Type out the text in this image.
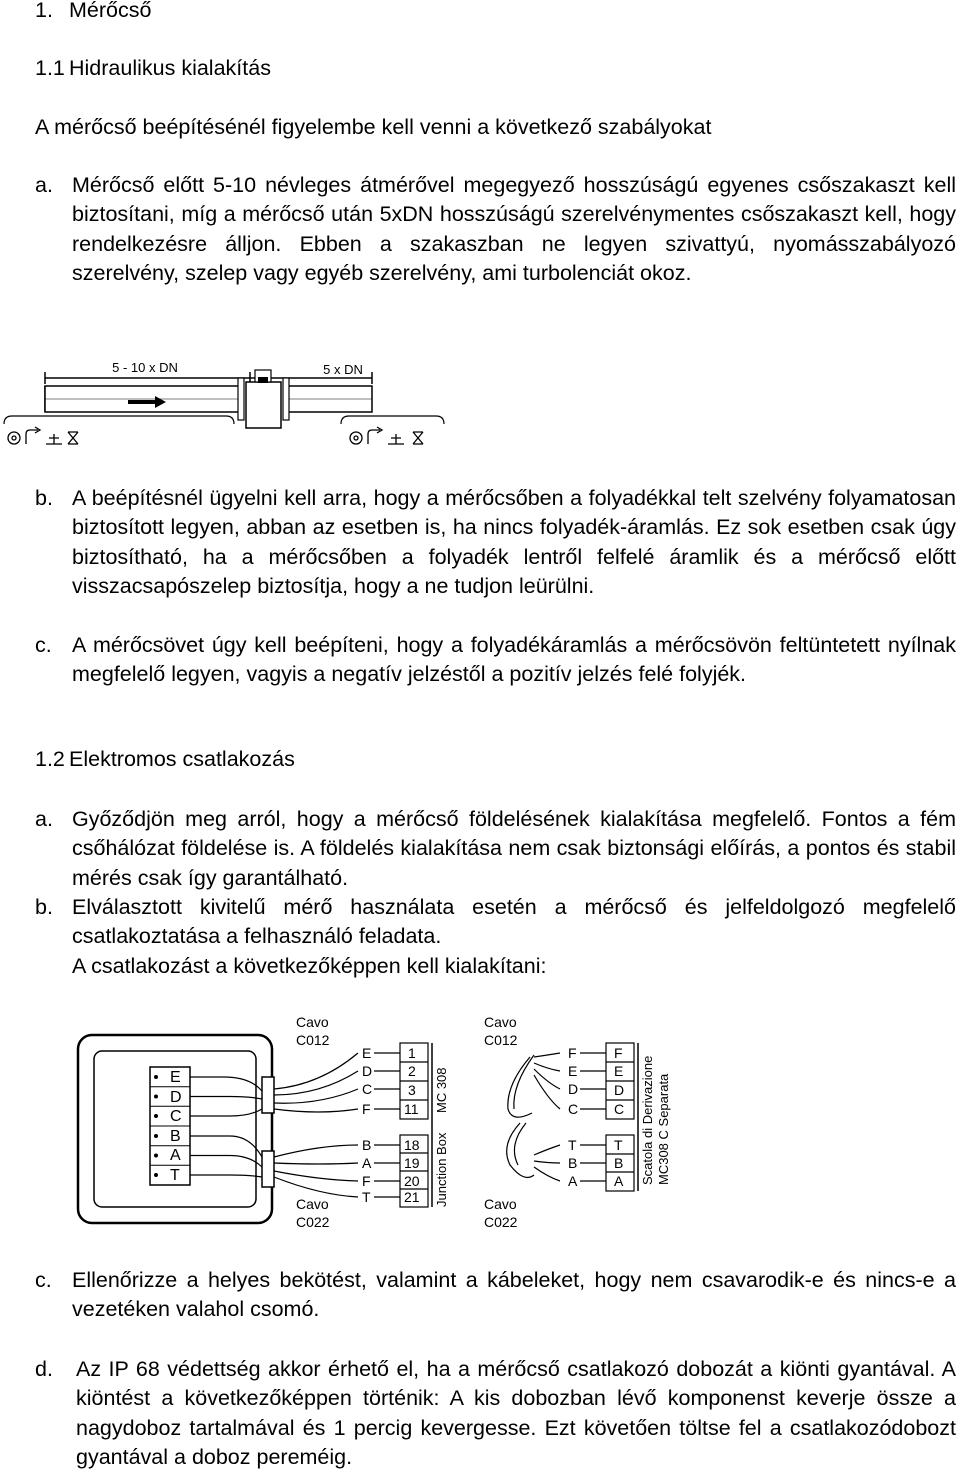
1. Mérőcső
1.1 Hidraulikus kialakítás
A mérőcső beépítésénél figyelembe kell venni a következő szabályokat
a. Mérőcső előtt 5-10 névleges átmérővel megegyező hosszúságú egyenes csőszakaszt kell biztosítani, míg a mérőcső után 5xDN hosszúságú szerelvénymentes csőszakaszt kell, hogy rendelkezésre álljon. Ebben a szakaszban ne legyen szivattyú, nyomásszabályozó szerelvény, szelep vagy egyéb szerelvény, ami turbolenciát okoz.
5 - 10 x DN	5 x DN
b. A beépítésnél ügyelni kell arra, hogy a mérőcsőben a folyadékkal telt szelvény folyamatosan biztosított legyen, abban az esetben is, ha nincs folyadék-áramlás. Ez sok esetben csak úgy biztosítható, ha a mérőcsőben a folyadék lentről felfelé áramlik és a mérőcső előtt visszacsapószelep biztosítja, hogy a ne tudjon leürülni.
c. A mérőcsövet úgy kell beépíteni, hogy a folyadékáramlás a mérőcsövön feltüntetett nyílnak megfelelő legyen, vagyis a negatív jelzéstől a pozitív jelzés felé folyjék.
1.2 Elektromos csatlakozás
a. Győződjön meg arról, hogy a mérőcső földelésének kialakítása megfelelő. Fontos a fém csőhálózat földelése is. A földelés kialakítása nem csak biztonsági előírás, a pontos és stabil mérés csak így garantálható.
b. Elválasztott kivitelű mérő használata esetén a mérőcső és jelfeldolgozó megfelelő csatlakoztatása a felhasználó feladata.
A csatlakozást a következőképpen kell kialakítani:
E
D
C
B
A
T
Cavo
C012
Cavo
C022
E
D
C
F
B
A
F
T
1
2
3
11
18
19
20
21 Junction Box
MC 308
Cavo
C012
Cavo
C022
F
E
D
C
T
B
A
F
E
D
C
T
B
A Scatola di Derivazione MC308 C Separata
c. Ellenőrizze a helyes bekötést, valamint a kábeleket, hogy nem csavarodik-e és nincs-e a vezetéken valahol csomó.
d. Az IP 68 védettség akkor érhető el, ha a mérőcső csatlakozó dobozát a kiönti gyantával. A kiöntést a következőképpen történik: A kis dobozban lévő komponenst keverje össze a nagydoboz tartalmával és 1 percig kevergesse. Ezt követően töltse fel a csatlakozódobozt gyantával a doboz pereméig.
